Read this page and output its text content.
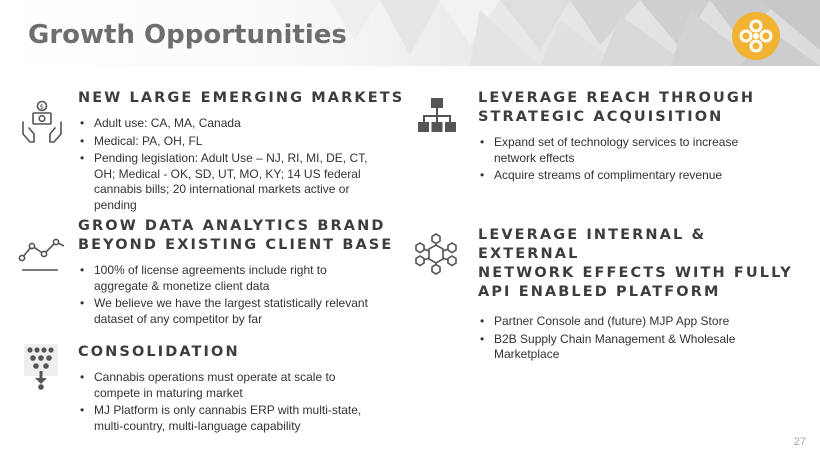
Growth Opportunities
$
NEW LARGE EMERGING MARKETS
• Adult use: CA, MA, Canada
• Medical: PA, OH, FL
• Pending legislation: Adult Use – NJ, RI, MI, DE, CT, OH; Medical - OK, SD, UT, MO, KY; 14 US federal cannabis bills; 20 international markets active or pending
GROW DATA ANALYTICS BRAND
BEYOND EXISTING CLIENT BASE
• 100% of license agreements include right to aggregate & monetize client data
• We believe we have the largest statistically relevant dataset of any competitor by far
CONSOLIDATION
• Cannabis operations must operate at scale to compete in maturing market
• MJ Platform is only cannabis ERP with multi-state, multi-country, multi-language capability
LEVERAGE REACH THROUGH
STRATEGIC ACQUISITION
• Expand set of technology services to increase network effects
• Acquire streams of complimentary revenue
LEVERAGE INTERNAL & EXTERNAL
NETWORK EFFECTS WITH FULLY
API ENABLED PLATFORM
• Partner Console and (future) MJP App Store
• B2B Supply Chain Management & Wholesale Marketplace
27
